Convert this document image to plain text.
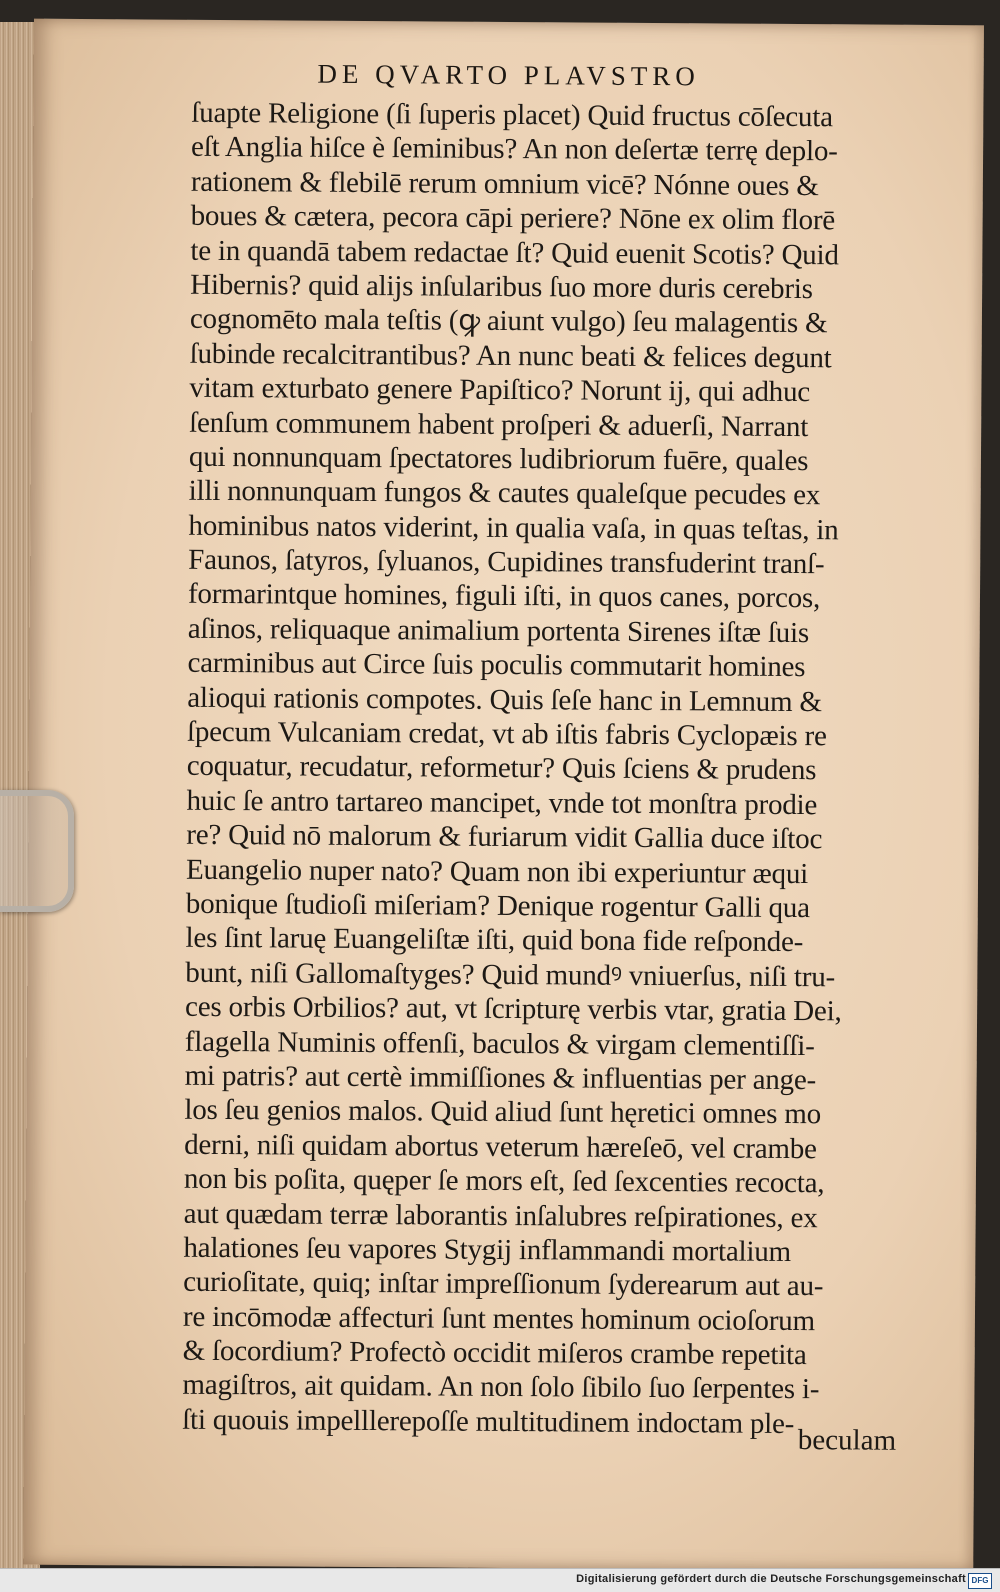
DE QVARTO PLAVSTRO
ſuapte Religione (ſi ſuperis placet) Quid fructus cōſecuta
eſt Anglia hiſce è ſeminibus? An non deſertæ terrę deplo-
rationem & flebilē rerum omnium vicē? Nónne oues &
boues & cætera, pecora cāpi periere? Nōne ex olim florē
te in quandā tabem redactae ſt? Quid euenit Scotis? Quid
Hibernis? quid alijs inſularibus ſuo more duris cerebris
cognomēto mala teſtis (ꝙ aiunt vulgo) ſeu malagentis &
ſubinde recalcitrantibus? An nunc beati & felices degunt
vitam exturbato genere Papiſtico? Norunt ij, qui adhuc
ſenſum communem habent proſperi & aduerſi, Narrant
qui nonnunquam ſpectatores ludibriorum fuēre, quales
illi nonnunquam fungos & cautes qualeſque pecudes ex
hominibus natos viderint, in qualia vaſa, in quas teſtas, in
Faunos, ſatyros, ſyluanos, Cupidines transfuderint tranſ-
formarintque homines, figuli iſti, in quos canes, porcos,
aſinos, reliquaque animalium portenta Sirenes iſtæ ſuis
carminibus aut Circe ſuis poculis commutarit homines
alioqui rationis compotes. Quis ſeſe hanc in Lemnum &
ſpecum Vulcaniam credat, vt ab iſtis fabris Cyclopæis re
coquatur, recudatur, reformetur? Quis ſciens & prudens
huic ſe antro tartareo mancipet, vnde tot monſtra prodie
re? Quid nō malorum & furiarum vidit Gallia duce iſtoc
Euangelio nuper nato? Quam non ibi experiuntur æqui
bonique ſtudioſi miſeriam? Denique rogentur Galli qua
les ſint laruę Euangeliſtæ iſti, quid bona fide reſponde-
bunt, niſi Gallomaſtyges? Quid mundꝰ vniuerſus, niſi tru-
ces orbis Orbilios? aut, vt ſcripturę verbis vtar, gratia Dei,
flagella Numinis offenſi, baculos & virgam clementiſſi-
mi patris? aut certè immiſſiones & influentias per ange-
los ſeu genios malos. Quid aliud ſunt hęretici omnes mo
derni, niſi quidam abortus veterum hæreſeō, vel crambe
non bis poſita, quęper ſe mors eſt, ſed ſexcenties recocta,
aut quædam terræ laborantis inſalubres reſpirationes, ex
halationes ſeu vapores Stygij inflammandi mortalium
curioſitate, quiq; inſtar impreſſionum ſyderearum aut au-
re incōmodæ affecturi ſunt mentes hominum ocioſorum
& ſocordium? Profectò occidit miſeros crambe repetita
magiſtros, ait quidam. An non ſolo ſibilo ſuo ſerpentes i-
ſti quouis impelllerepoſſe multitudinem indoctam ple-
beculam
Digitalisierung gefördert durch die Deutsche Forschungsgemeinschaft DFG
